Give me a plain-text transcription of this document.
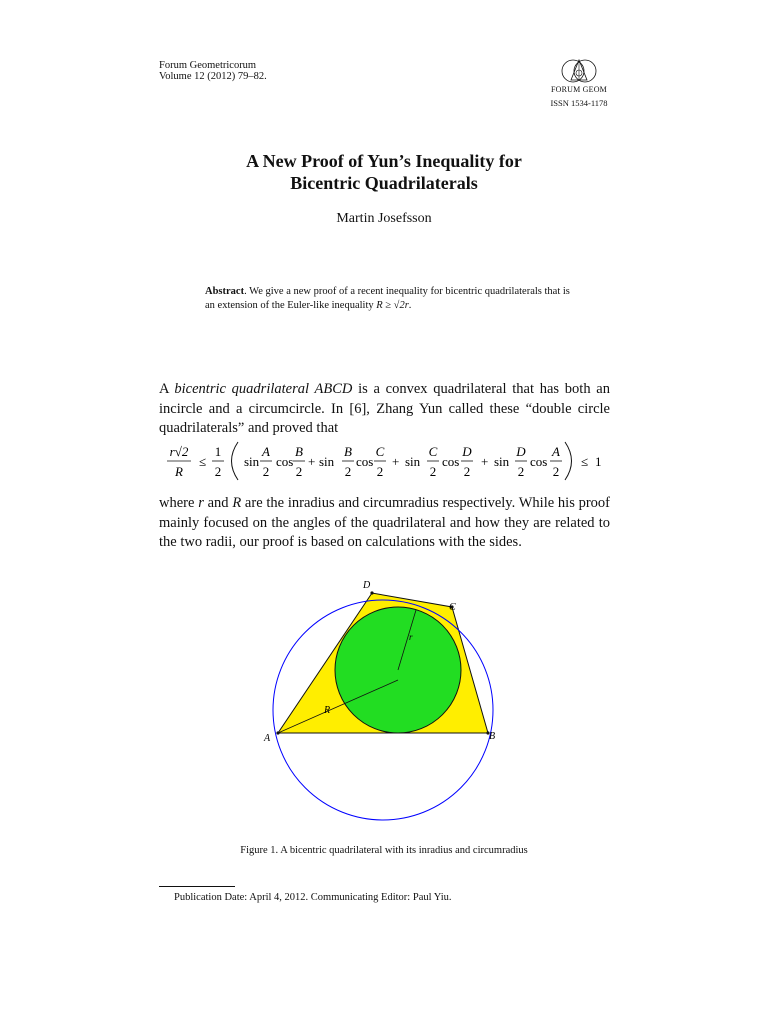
Forum Geometricorum
Volume 12 (2012) 79–82.
FORUM GEOM
ISSN 1534-1178
A New Proof of Yun’s Inequality for
Bicentric Quadrilaterals
Martin Josefsson
Abstract. We give a new proof of a recent inequality for bicentric quadrilaterals that is an extension of the Euler-like inequality R ≥ √2r.
A bicentric quadrilateral ABCD is a convex quadrilateral that has both an incircle and a circumcircle. In [6], Zhang Yun called these “double circle quadrilaterals” and proved that
r√2
R
≤
1
2
sin
A
2
cos
B
2
+ sin
B
2
cos
C
2
+ sin
C
2
cos
D
2
+ sin
D
2
cos
A
2
≤ 1
where r and R are the inradius and circumradius respectively. While his proof mainly focused on the angles of the quadrilateral and how they are related to the two radii, our proof is based on calculations with the sides.
A	B
C
D
r
R
Figure 1. A bicentric quadrilateral with its inradius and circumradius
Publication Date: April 4, 2012. Communicating Editor: Paul Yiu.
